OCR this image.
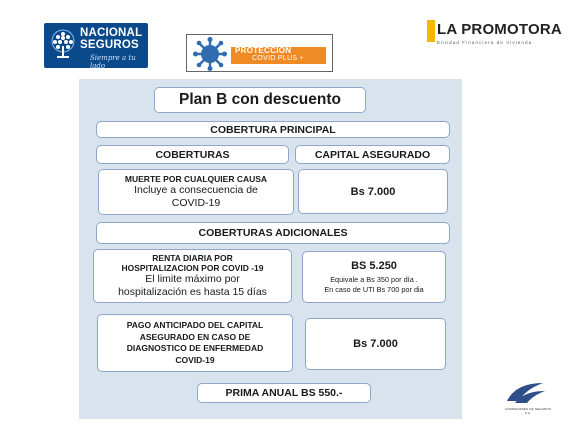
NACIONAL
SEGUROS
Siempre a tu lado
PROTECCIÓN
COVID PLUS +
LA PROMOTORA
Entidad Financiera de Vivienda
Plan B con descuento
COBERTURA PRINCIPAL
COBERTURAS	CAPITAL ASEGURADO
MUERTE POR CUALQUIER CAUSA
Incluye a consecuencia de
COVID-19
Bs 7.000
COBERTURAS ADICIONALES
RENTA DIARIA POR
HOSPITALIZACION POR COVID -19
El limite máximo por
hospitalización es hasta 15 días
BS 5.250
Equivale a Bs 350 por día .
En caso de UTI Bs 700 por dia
PAGO ANTICIPADO DEL CAPITAL
ASEGURADO EN CASO DE
DIAGNOSTICO DE ENFERMEDAD
COVID-19
Bs 7.000
PRIMA ANUAL BS 550.-
CORREDORES DE SEGUROS S.A.
